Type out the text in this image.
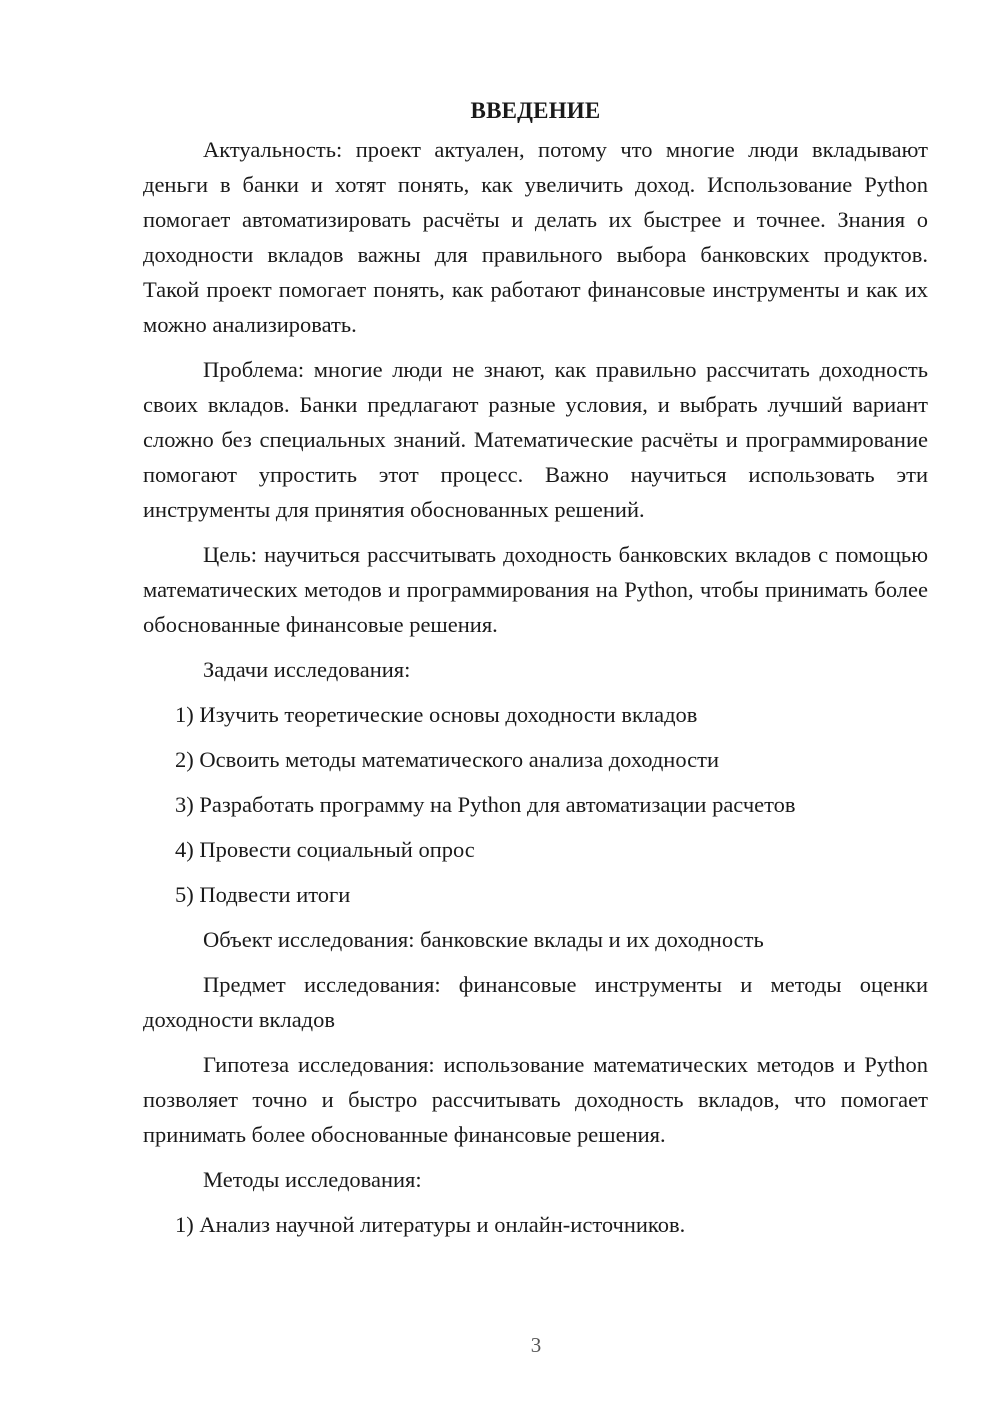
ВВЕДЕНИЕ

Актуальность: проект актуален, потому что многие люди вкладывают деньги в банки и хотят понять, как увеличить доход. Использование Python помогает автоматизировать расчёты и делать их быстрее и точнее. Знания о доходности вкладов важны для правильного выбора банковских продуктов. Такой проект помогает понять, как работают финансовые инструменты и как их можно анализировать.

Проблема: многие люди не знают, как правильно рассчитать доходность своих вкладов. Банки предлагают разные условия, и выбрать лучший вариант сложно без специальных знаний. Математические расчёты и программирование помогают упростить этот процесс. Важно научиться использовать эти инструменты для принятия обоснованных решений.

Цель: научиться рассчитывать доходность банковских вкладов с помощью математических методов и программирования на Python, чтобы принимать более обоснованные финансовые решения.

Задачи исследования:

1) Изучить теоретические основы доходности вкладов
2) Освоить методы математического анализа доходности
3) Разработать программу на Python для автоматизации расчетов
4) Провести социальный опрос
5) Подвести итоги

Объект исследования: банковские вклады и их доходность

Предмет исследования: финансовые инструменты и методы оценки доходности вкладов

Гипотеза исследования: использование математических методов и Python позволяет точно и быстро рассчитывать доходность вкладов, что помогает принимать более обоснованные финансовые решения.

Методы исследования:

1) Анализ научной литературы и онлайн-источников.
3
